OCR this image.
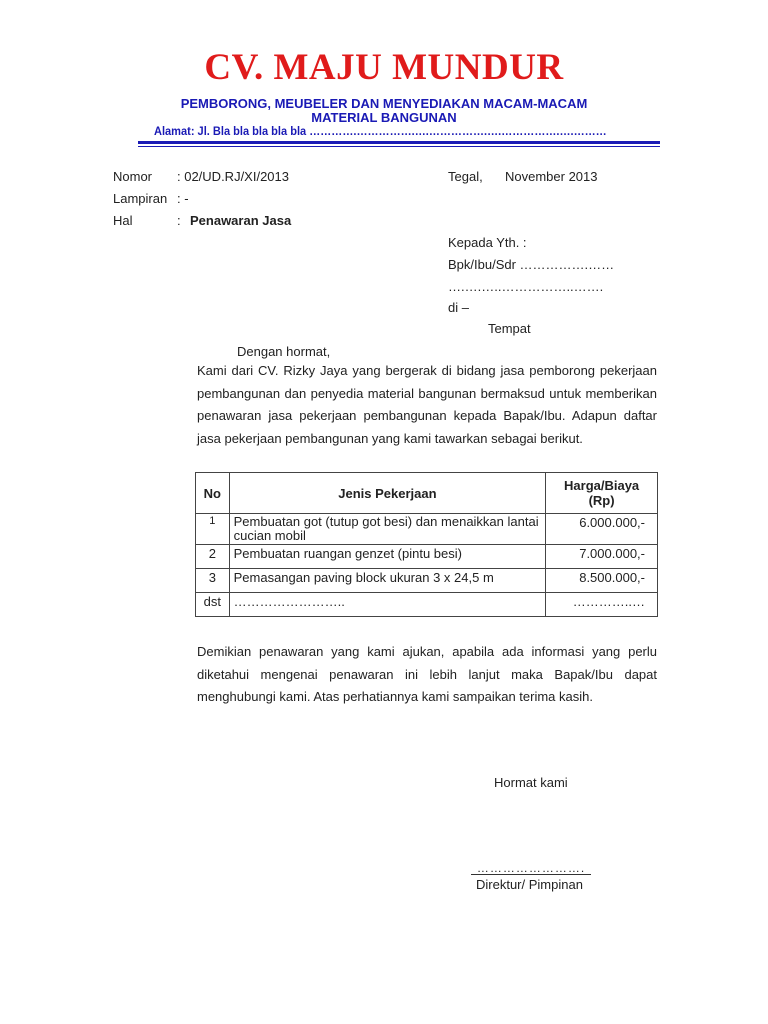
CV. MAJU MUNDUR
PEMBORONG, MEUBELER DAN MENYEDIAKAN MACAM-MACAM
MATERIAL BANGUNAN
Alamat: Jl. Bla bla bla bla bla ………….…………….….…………….….…………….….………
Nomor : 02/UD.RJ/XI/2013
Lampiran : -
Hal	: Penawaran Jasa
Tegal, November 2013
Kepada Yth. :
Bpk/Ibu/Sdr …………….……
….….…..……………..…….
di –
Tempat
Dengan hormat,
Kami dari CV. Rizky Jaya yang bergerak di bidang jasa pemborong pekerjaan pembangunan dan penyedia material bangunan bermaksud untuk memberikan penawaran jasa pekerjaan pembangunan kepada Bapak/Ibu. Adapun daftar jasa pekerjaan pembangunan yang kami tawarkan sebagai berikut.
No	Jenis Pekerjaan	Harga/Biaya (Rp)
1	Pembuatan got (tutup got besi) dan menaikkan lantai cucian mobil	6.000.000,-
2	Pembuatan ruangan genzet (pintu besi)	7.000.000,-
3	Pemasangan paving block ukuran 3 x 24,5 m	8.500.000,-
dst	……………………..	…………..…
Demikian penawaran yang kami ajukan, apabila ada informasi yang perlu diketahui mengenai penawaran ini lebih lanjut maka Bapak/Ibu dapat menghubungi kami. Atas perhatiannya kami sampaikan terima kasih.
Hormat kami
…………………….
Direktur/ Pimpinan
